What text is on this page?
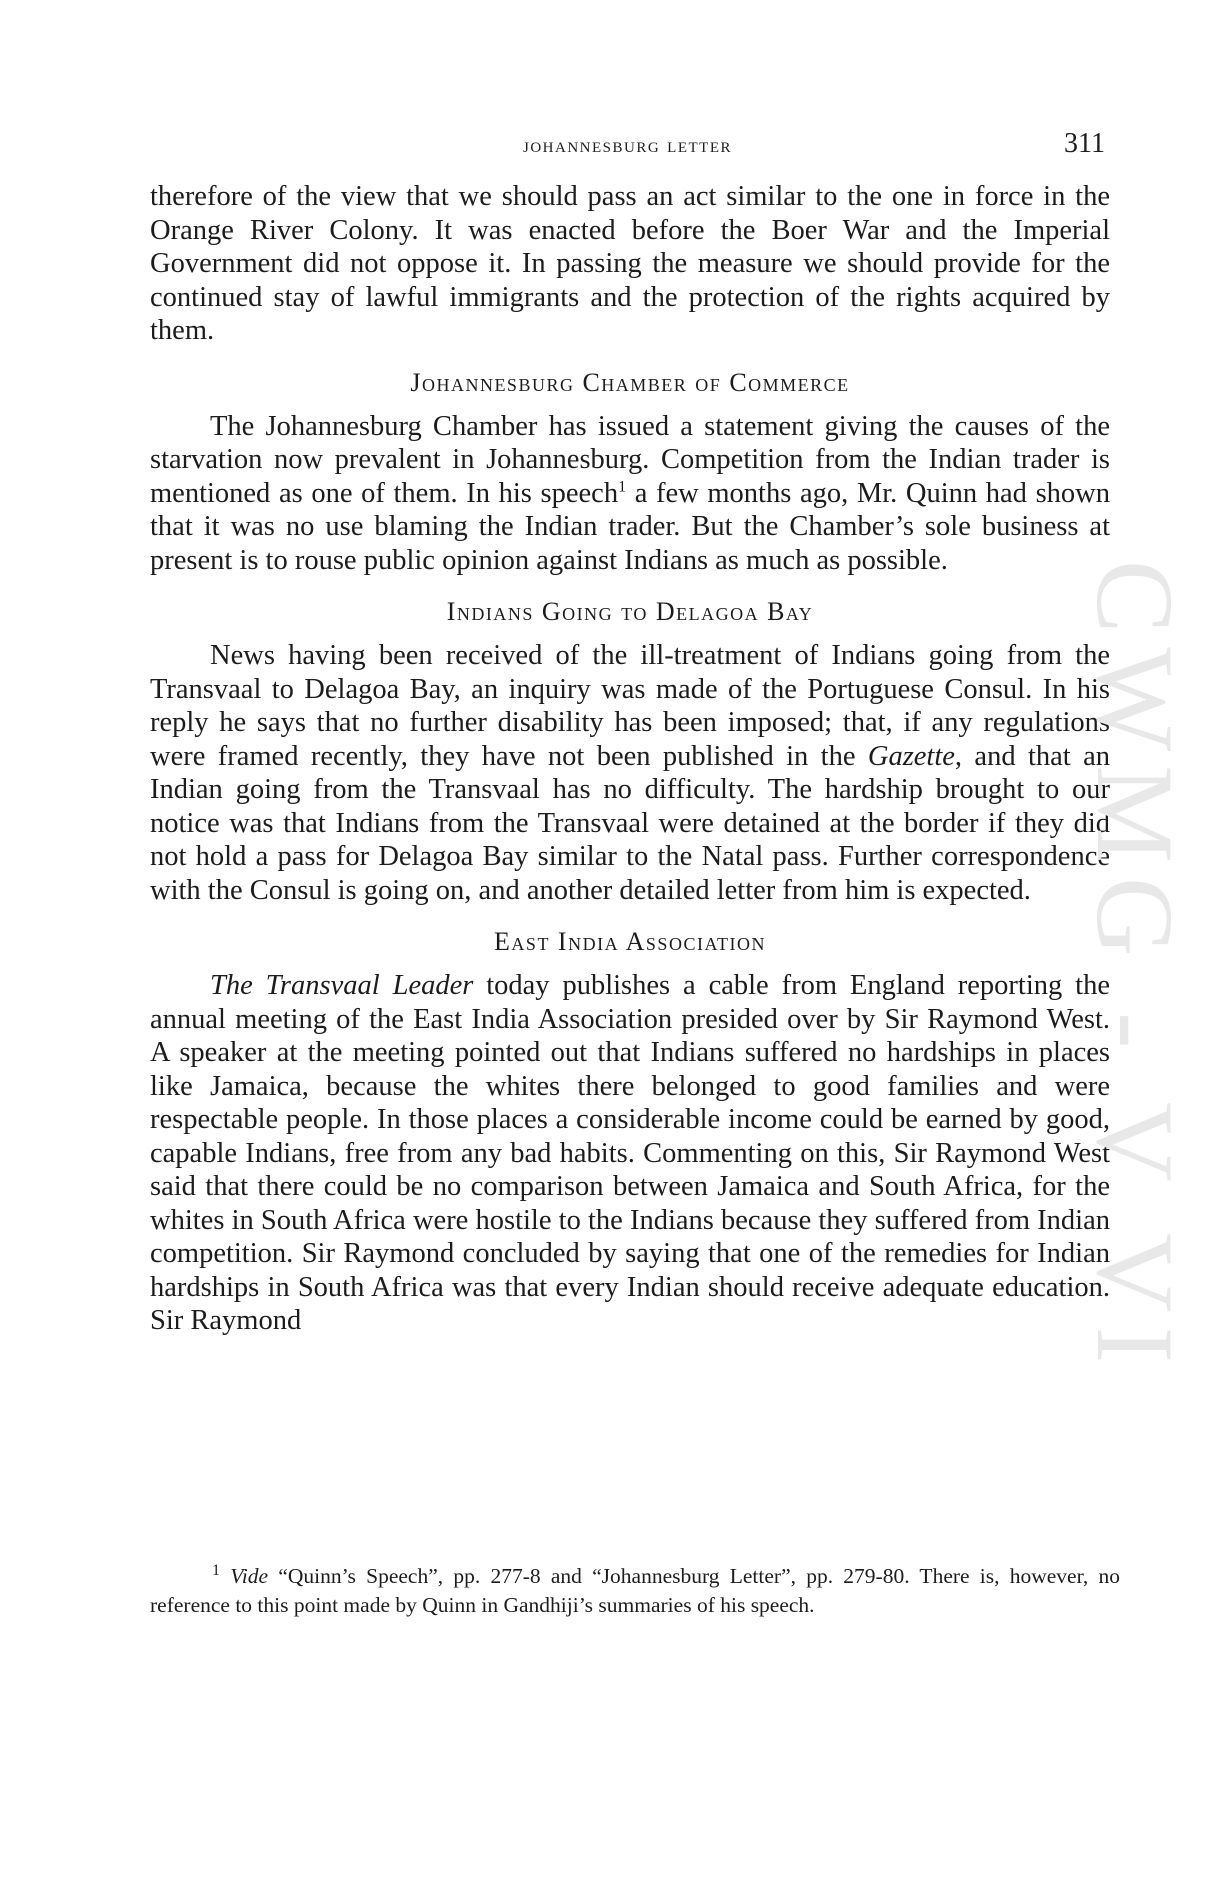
johannesburg letter	311

therefore of the view that we should pass an act similar to the one in force in the Orange River Colony. It was enacted before the Boer War and the Imperial Government did not oppose it. In passing the measure we should provide for the continued stay of lawful immigrants and the protection of the rights acquired by them.

Johannesburg Chamber of Commerce

The Johannesburg Chamber has issued a statement giving the causes of the starvation now prevalent in Johannesburg. Competition from the Indian trader is mentioned as one of them. In his speech$^1$ a few months ago, Mr. Quinn had shown that it was no use blaming the Indian trader. But the Chamber’s sole business at present is to rouse public opinion against Indians as much as possible.

Indians Going to Delagoa Bay

News having been received of the ill-treatment of Indians going from the Transvaal to Delagoa Bay, an inquiry was made of the Portuguese Consul. In his reply he says that no further disability has been imposed; that, if any regulations were framed recently, they have not been published in the Gazette, and that an Indian going from the Transvaal has no difficulty. The hardship brought to our notice was that Indians from the Transvaal were detained at the border if they did not hold a pass for Delagoa Bay similar to the Natal pass. Further correspondence with the Consul is going on, and another detailed letter from him is expected.

East India Association

The Transvaal Leader today publishes a cable from England reporting the annual meeting of the East India Association presided over by Sir Raymond West. A speaker at the meeting pointed out that Indians suffered no hardships in places like Jamaica, because the whites there belonged to good families and were respectable people. In those places a considerable income could be earned by good, capable Indians, free from any bad habits. Commenting on this, Sir Raymond West said that there could be no comparison between Jamaica and South Africa, for the whites in South Africa were hostile to the Indians because they suffered from Indian competition. Sir Raymond concluded by saying that one of the remedies for Indian hardships in South Africa was that every Indian should receive adequate education. Sir Raymond

$^1$ Vide “Quinn’s Speech”, pp. 277-8 and “Johannesburg Letter”, pp. 279-80. There is, however, no reference to this point made by Quinn in Gandhiji’s summaries of his speech.
CWMG - V VI
